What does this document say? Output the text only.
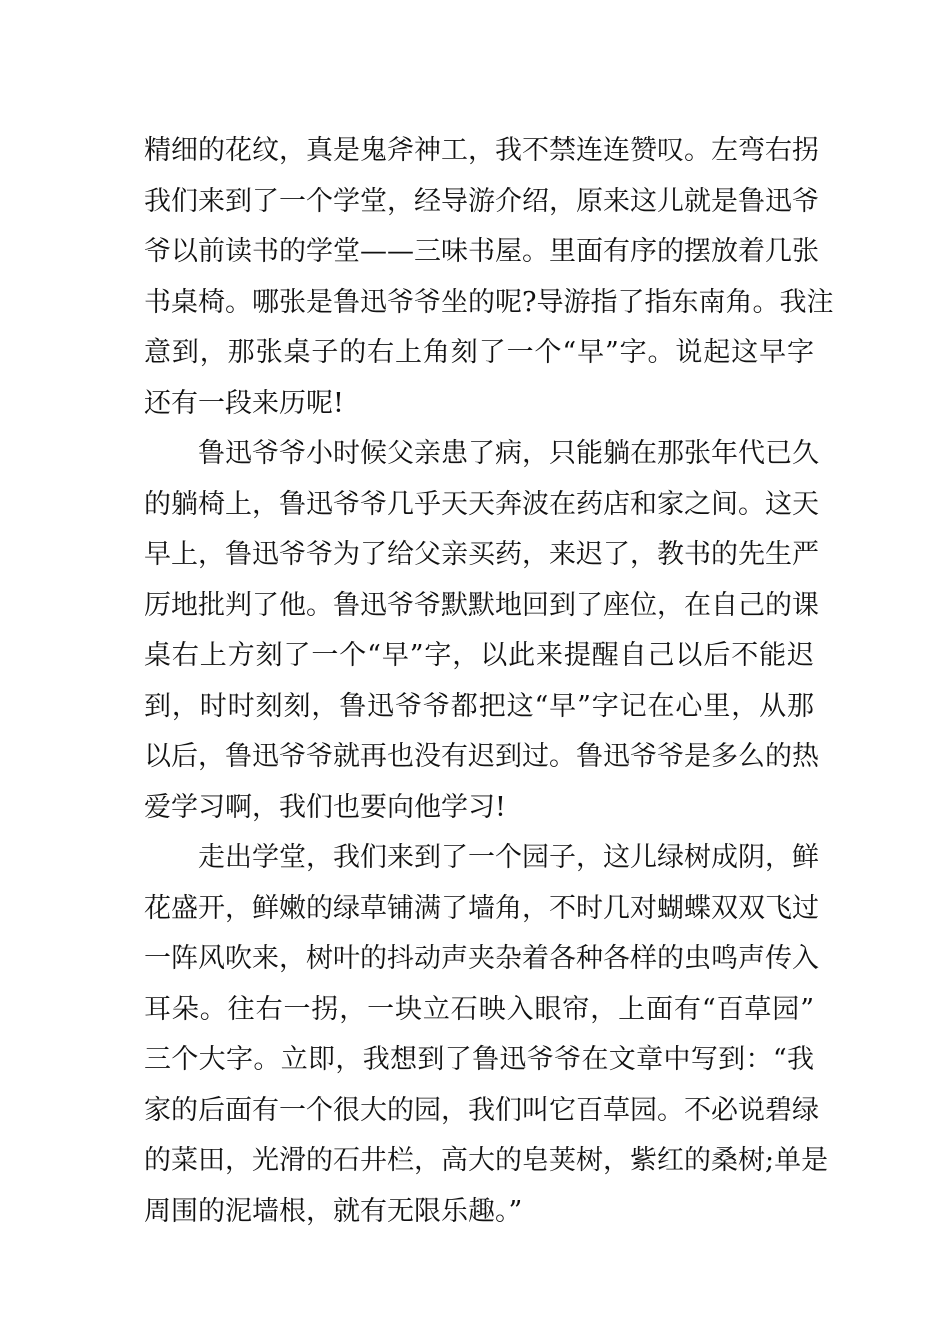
精细的花纹，真是鬼斧神工，我不禁连连赞叹。左弯右拐
我们来到了一个学堂，经导游介绍，原来这儿就是鲁迅爷
爷以前读书的学堂——三味书屋。里面有序的摆放着几张
书桌椅。哪张是鲁迅爷爷坐的呢?导游指了指东南角。我注
意到，那张桌子的右上角刻了一个“早”字。说起这早字
还有一段来历呢!
鲁迅爷爷小时候父亲患了病，只能躺在那张年代已久
的躺椅上，鲁迅爷爷几乎天天奔波在药店和家之间。这天
早上，鲁迅爷爷为了给父亲买药，来迟了，教书的先生严
厉地批判了他。鲁迅爷爷默默地回到了座位，在自己的课
桌右上方刻了一个“早”字，以此来提醒自己以后不能迟
到，时时刻刻，鲁迅爷爷都把这“早”字记在心里，从那
以后，鲁迅爷爷就再也没有迟到过。鲁迅爷爷是多么的热
爱学习啊，我们也要向他学习!
走出学堂，我们来到了一个园子，这儿绿树成阴，鲜
花盛开，鲜嫩的绿草铺满了墙角，不时几对蝴蝶双双飞过
一阵风吹来，树叶的抖动声夹杂着各种各样的虫鸣声传入
耳朵。往右一拐，一块立石映入眼帘，上面有“百草园”
三个大字。立即，我想到了鲁迅爷爷在文章中写到：“我
家的后面有一个很大的园，我们叫它百草园。不必说碧绿
的菜田，光滑的石井栏，高大的皂荚树，紫红的桑树;单是
周围的泥墙根，就有无限乐趣。”
